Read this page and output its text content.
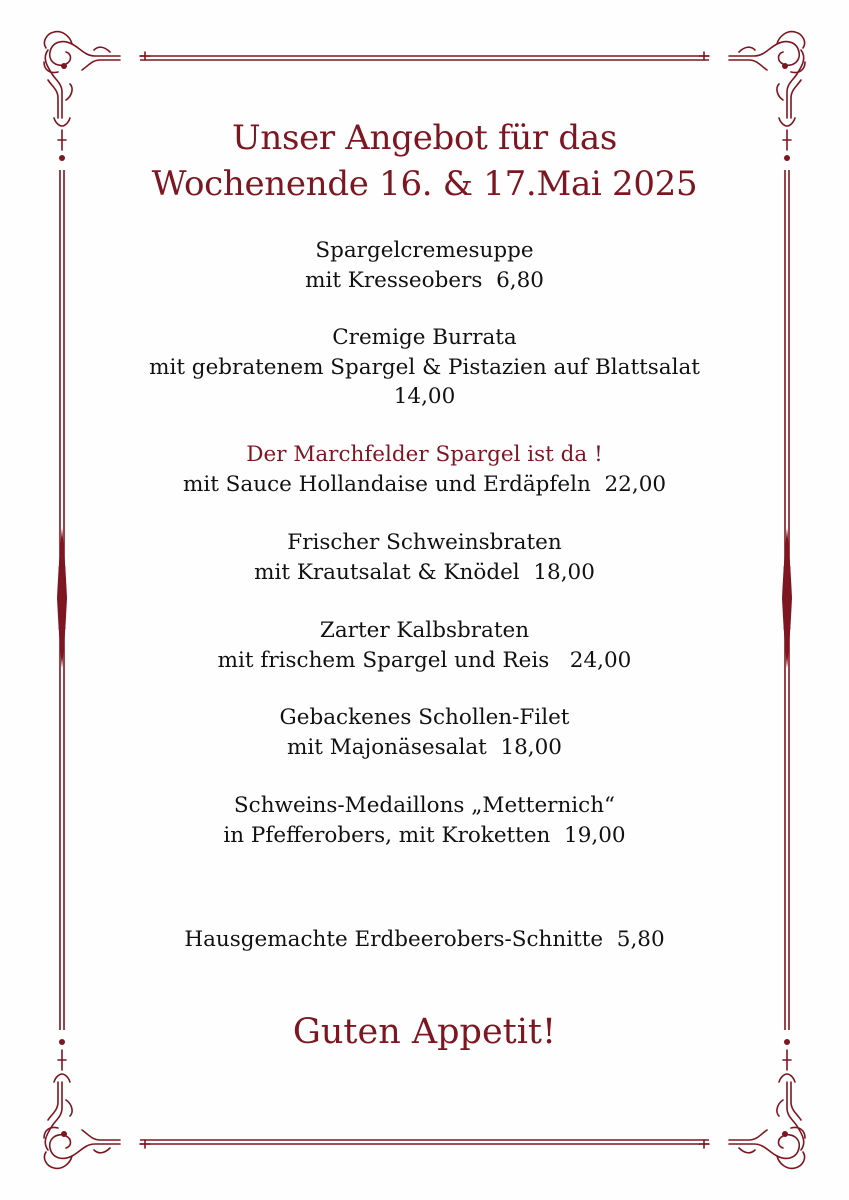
Unser Angebot für das
Wochenende 16. & 17.Mai 2025
Spargelcremesuppe
mit Kresseobers  6,80
Cremige Burrata
mit gebratenem Spargel & Pistazien auf Blattsalat
14,00
Der Marchfelder Spargel ist da !
mit Sauce Hollandaise und Erdäpfeln  22,00
Frischer Schweinsbraten
mit Krautsalat & Knödel  18,00
Zarter Kalbsbraten
mit frischem Spargel und Reis   24,00
Gebackenes Schollen-Filet
mit Majonäsesalat  18,00
Schweins-Medaillons „Metternich“
in Pfefferobers, mit Kroketten  19,00
Hausgemachte Erdbeerobers-Schnitte  5,80
Guten Appetit!
